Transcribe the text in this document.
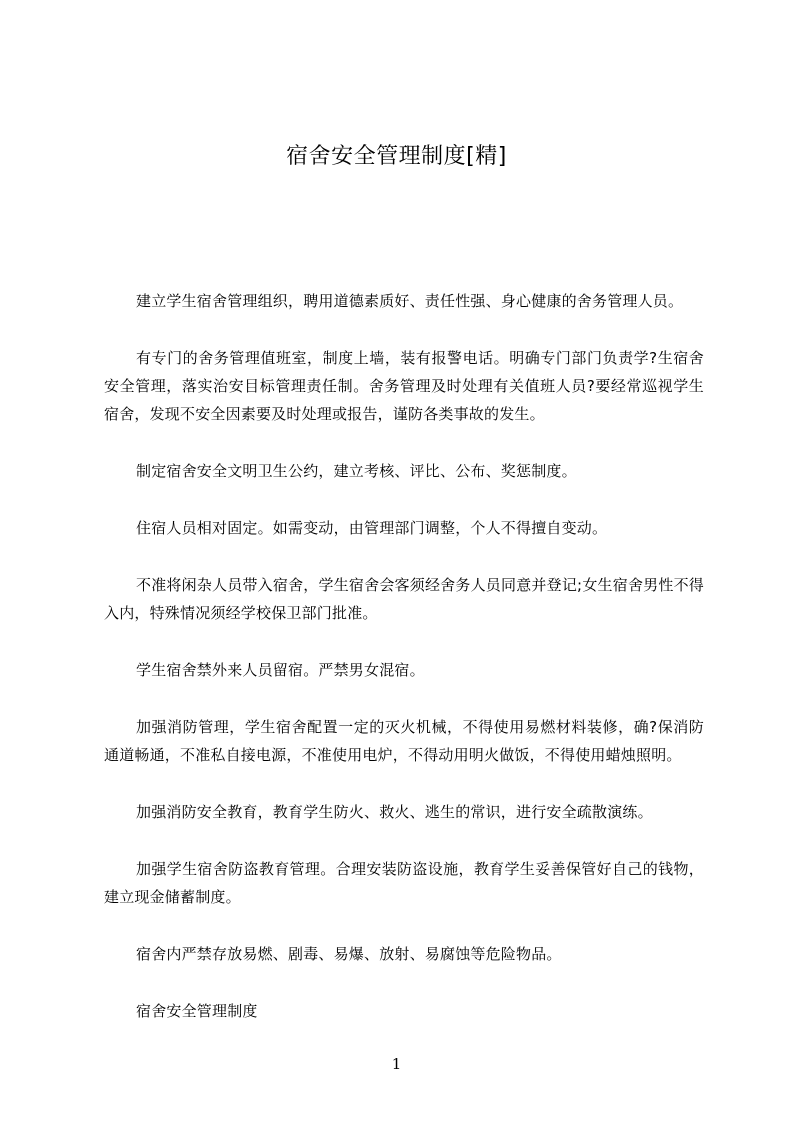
宿舍安全管理制度[精]

建立学生宿舍管理组织，聘用道德素质好、责任性强、身心健康的舍务管理人员。

有专门的舍务管理值班室，制度上墙，装有报警电话。明确专门部门负责学?生宿舍安全管理，落实治安目标管理责任制。舍务管理及时处理有关值班人员?要经常巡视学生宿舍，发现不安全因素要及时处理或报告，谨防各类事故的发生。

制定宿舍安全文明卫生公约，建立考核、评比、公布、奖惩制度。

住宿人员相对固定。如需变动，由管理部门调整，个人不得擅自变动。

不准将闲杂人员带入宿舍，学生宿舍会客须经舍务人员同意并登记;女生宿舍男性不得入内，特殊情况须经学校保卫部门批准。

学生宿舍禁外来人员留宿。严禁男女混宿。

加强消防管理，学生宿舍配置一定的灭火机械，不得使用易燃材料装修，确?保消防通道畅通，不准私自接电源，不准使用电炉，不得动用明火做饭，不得使用蜡烛照明。

加强消防安全教育，教育学生防火、救火、逃生的常识，进行安全疏散演练。

加强学生宿舍防盗教育管理。合理安装防盗设施，教育学生妥善保管好自己的钱物，建立现金储蓄制度。

宿舍内严禁存放易燃、剧毒、易爆、放射、易腐蚀等危险物品。

宿舍安全管理制度

1
